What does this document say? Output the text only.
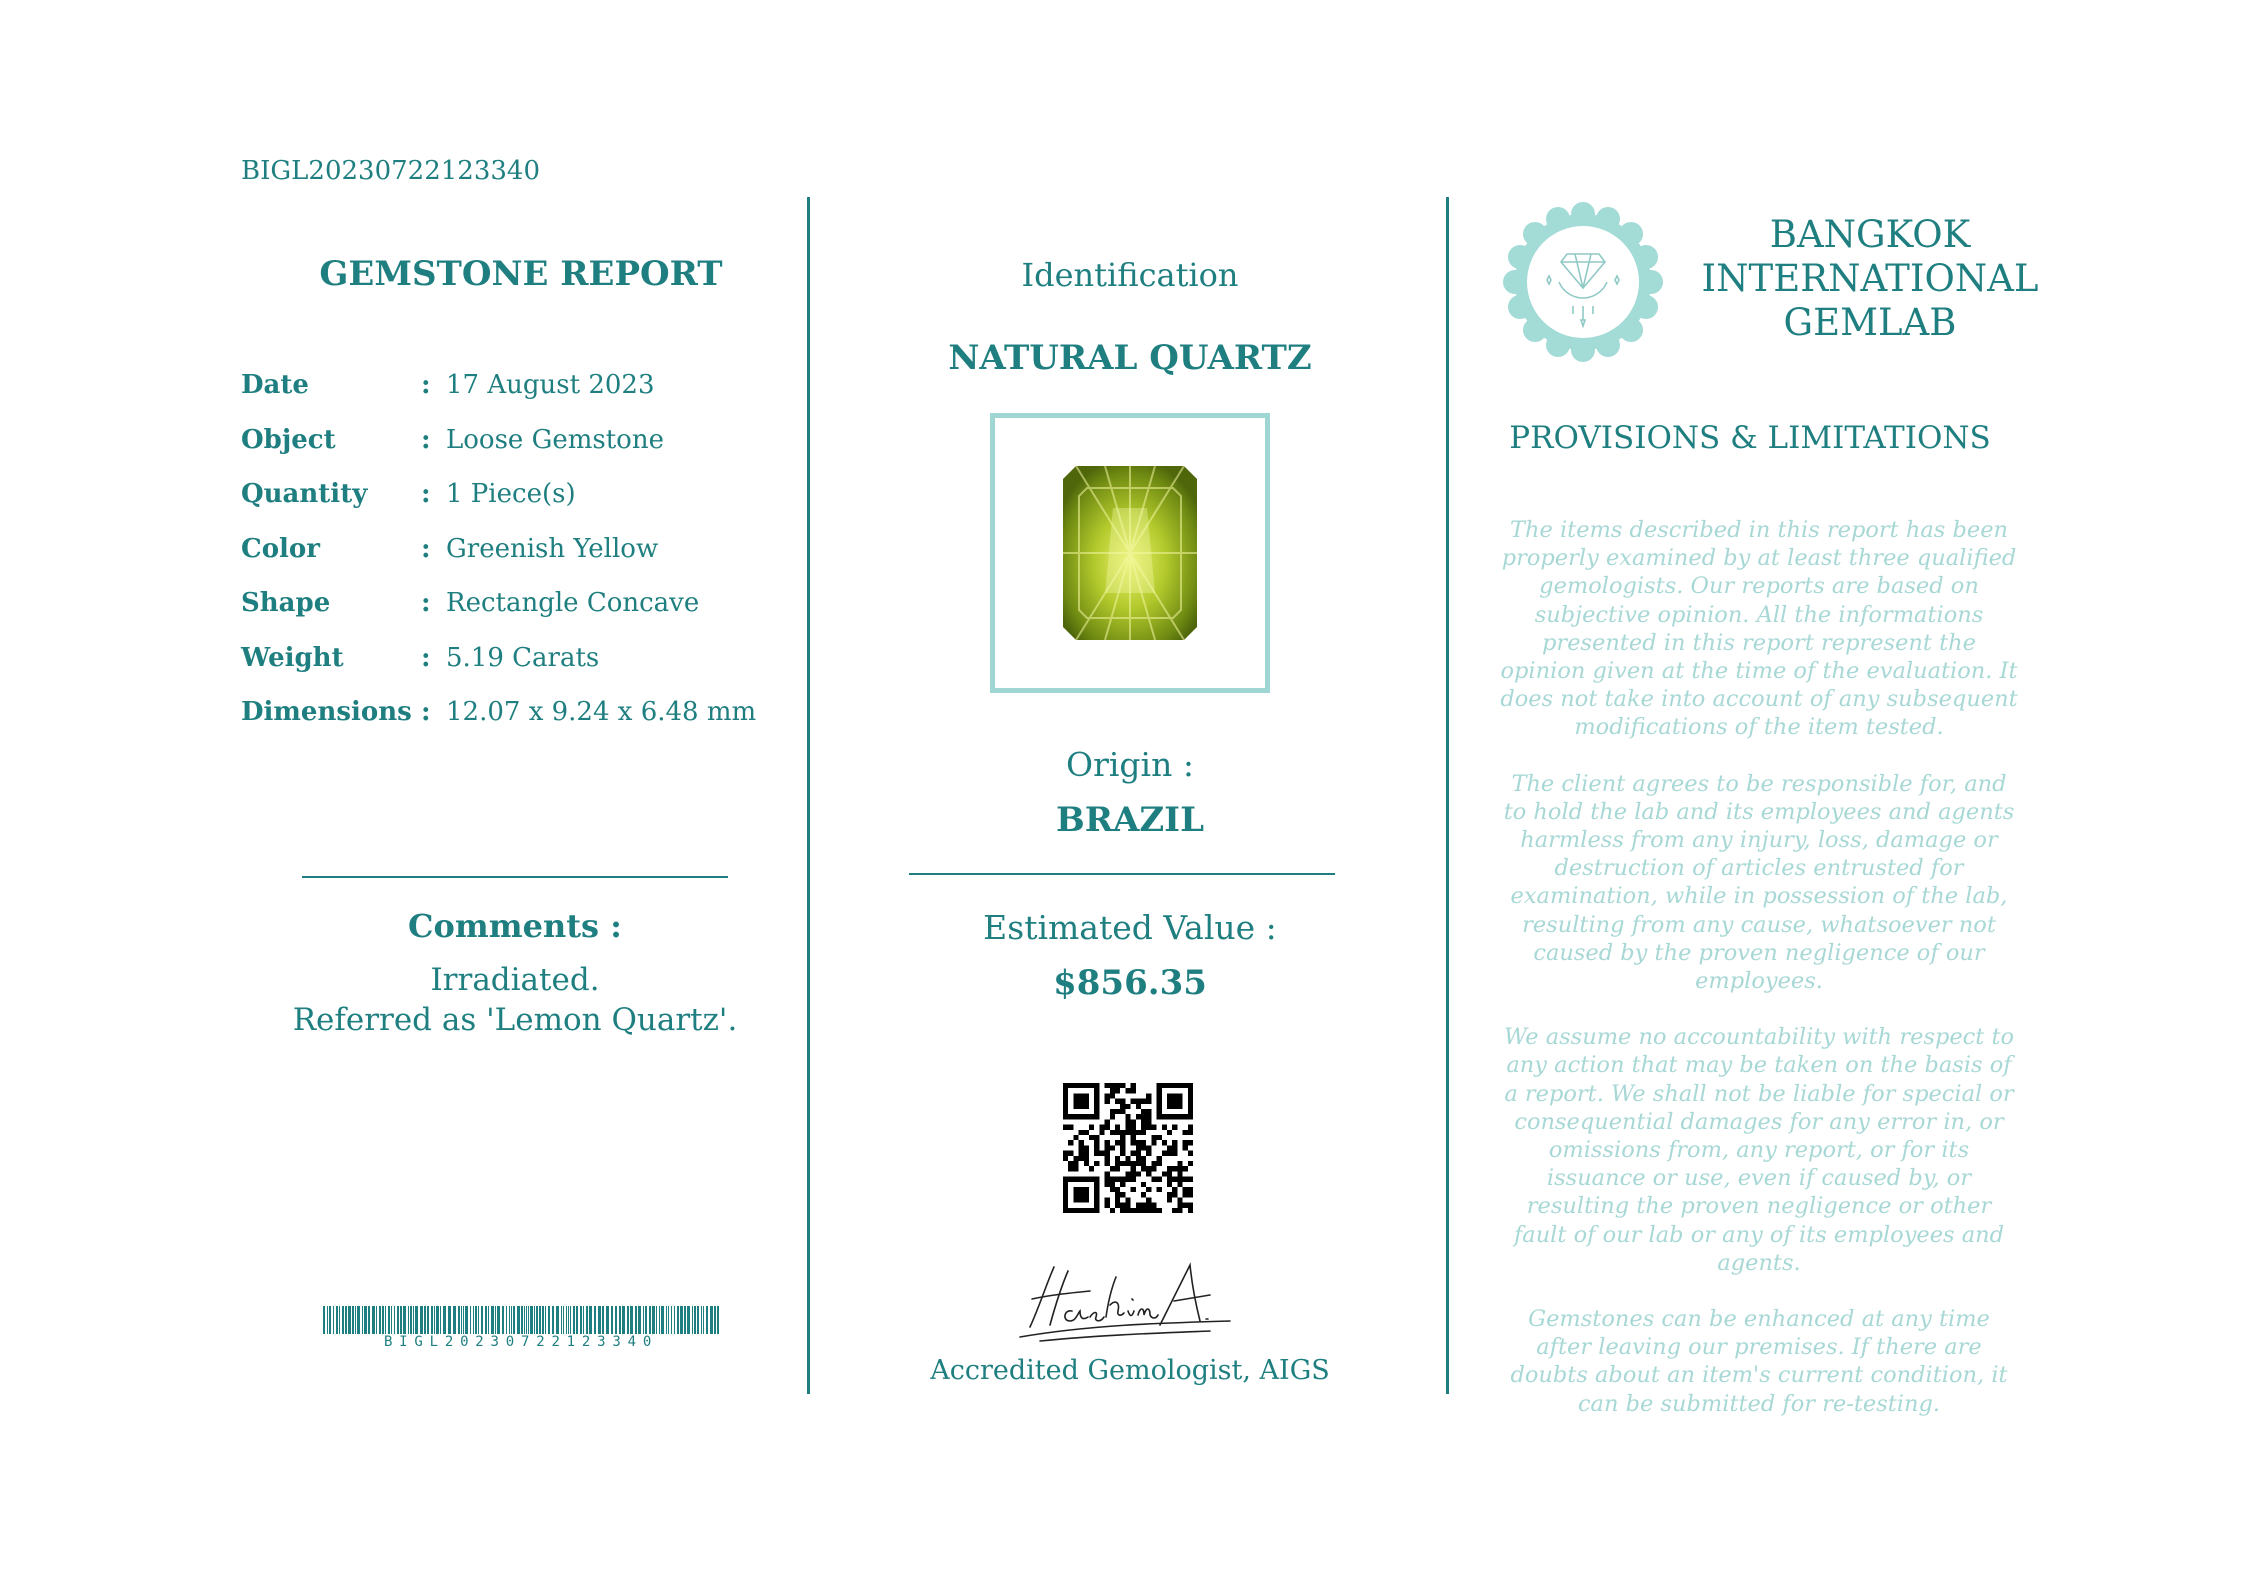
BIGL20230722123340
GEMSTONE REPORT
Date	: 17 August 2023
Object	: Loose Gemstone
Quantity : 1 Piece(s)
Color	: Greenish Yellow
Shape	: Rectangle Concave
Weight	: 5.19 Carats
Dimensions : 12.07 x 9.24 x 6.48 mm
Comments :
Irradiated.
Referred as 'Lemon Quartz'.
BIGL20230722123340
Identification
NATURAL QUARTZ
Origin :
BRAZIL
Estimated Value :
$856.35
Accredited Gemologist, AIGS
BANGKOK
INTERNATIONAL
GEMLAB
PROVISIONS & LIMITATIONS

The items described in this report has been properly examined by at least three qualified gemologists. Our reports are based on subjective opinion. All the informations presented in this report represent the opinion given at the time of the evaluation. It does not take into account of any subsequent modifications of the item tested.

The client agrees to be responsible for, and to hold the lab and its employees and agents harmless from any injury, loss, damage or destruction of articles entrusted for examination, while in possession of the lab, resulting from any cause, whatsoever not caused by the proven negligence of our employees.

We assume no accountability with respect to any action that may be taken on the basis of a report. We shall not be liable for special or consequential damages for any error in, or omissions from, any report, or for its issuance or use, even if caused by, or resulting the proven negligence or other fault of our lab or any of its employees and agents.

Gemstones can be enhanced at any time after leaving our premises. If there are doubts about an item's current condition, it can be submitted for re-testing.
